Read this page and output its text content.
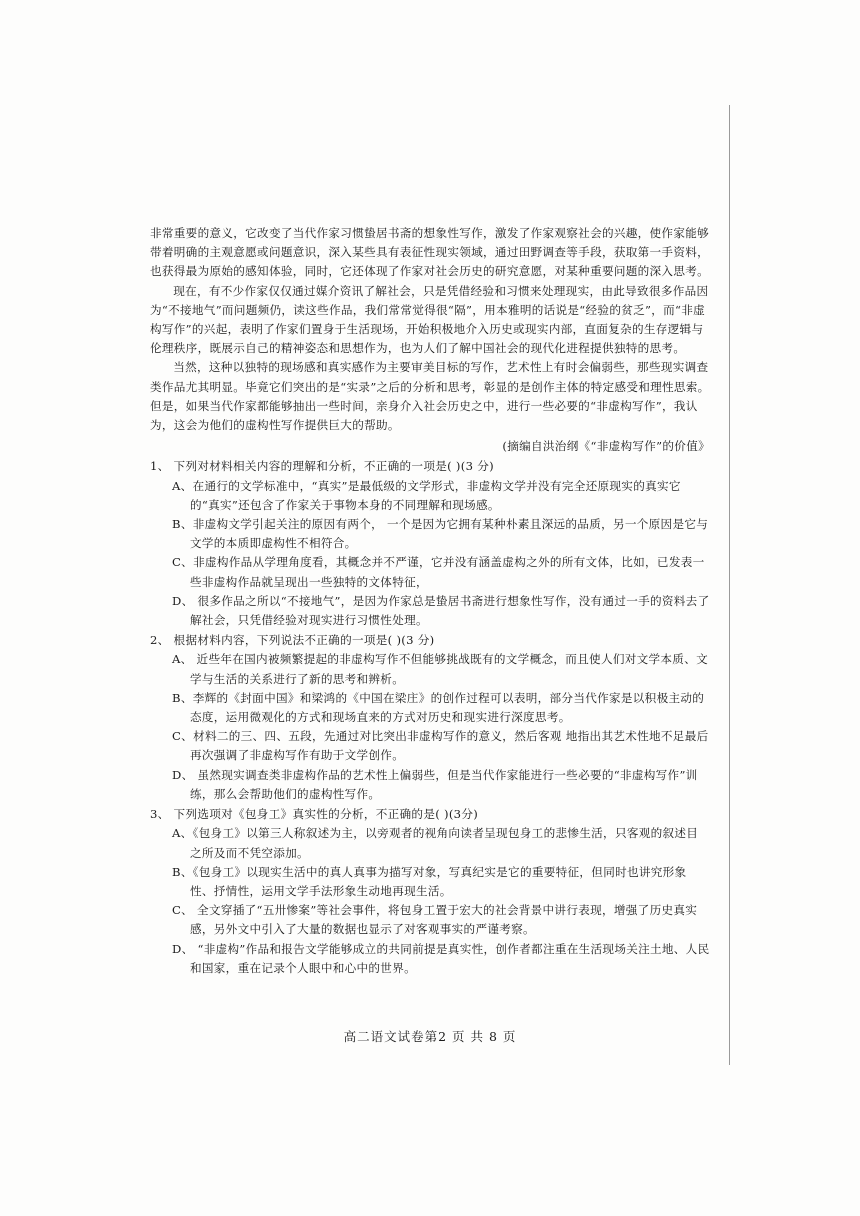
非常重要的意义，它改变了当代作家习惯蛰居书斋的想象性写作，激发了作家观察社会的兴趣，使作家能够带着明确的主观意愿或问题意识，深入某些具有表征性现实领域，通过田野调查等手段，获取第一手资料，也获得最为原始的感知体验，同时，它还体现了作家对社会历史的研究意愿，对某种重要问题的深入思考。

现在，有不少作家仅仅通过媒介资讯了解社会，只是凭借经验和习惯来处理现实，由此导致很多作品因为“不接地气”而问题频仍，读这些作品，我们常常觉得很“隔”，用本雅明的话说是“经验的贫乏”，而“非虚构写作”的兴起，表明了作家们置身于生活现场，开始积极地介入历史或现实内部，直面复杂的生存逻辑与伦理秩序，既展示自己的精神姿态和思想作为，也为人们了解中国社会的现代化进程提供独特的思考。

当然，这种以独特的现场感和真实感作为主要审美目标的写作，艺术性上有时会偏弱些，那些现实调查类作品尤其明显。毕竟它们突出的是“实录”之后的分析和思考，彰显的是创作主体的特定感受和理性思索。但是，如果当代作家都能够抽出一些时间，亲身介入社会历史之中，进行一些必要的“非虚构写作”，我认为，这会为他们的虚构性写作提供巨大的帮助。

(摘编自洪治纲《“非虚构写作”的价值》

1、 下列对材料相关内容的理解和分析，不正确的一项是( )(3 分)

A、在通行的文学标准中，“真实”是最低级的文学形式，非虚构文学并没有完全还原现实的真实它的“真实”还包含了作家关于事物本身的不同理解和现场感。

B、非虚构文学引起关注的原因有两个， 一个是因为它拥有某种朴素且深远的品质，另一个原因是它与文学的本质即虚构性不相符合。

C、非虚构作品从学理角度看，其概念并不严谨，它并没有涵盖虚构之外的所有文体，比如，已发表一些非虚构作品就呈现出一些独特的文体特征，

D、 很多作品之所以“不接地气”，是因为作家总是蛰居书斋进行想象性写作，没有通过一手的资料去了解社会，只凭借经验对现实进行习惯性处理。

2、 根据材料内容，下列说法不正确的一项是( )(3 分)

A、 近些年在国内被频繁提起的非虚构写作不但能够挑战既有的文学概念，而且使人们对文学本质、文学与生活的关系进行了新的思考和辨析。

B、李辉的《封面中国》和梁鸿的《中国在梁庄》的创作过程可以表明，部分当代作家是以积极主动的态度，运用微观化的方式和现场直来的方式对历史和现实进行深度思考。

C、材料二的三、四、五段，先通过对比突出非虚构写作的意义，然后客观 地指出其艺术性地不足最后再次强调了非虚构写作有助于文学创作。

D、 虽然现实调查类非虚构作品的艺术性上偏弱些，但是当代作家能进行一些必要的“非虚构写作”训练，那么会帮助他们的虚构性写作。

3、 下列选项对《包身工》真实性的分析，不正确的是( )(3分)

A、《包身工》以第三人称叙述为主，以旁观者的视角向读者呈现包身工的悲惨生活，只客观的叙述目之所及而不凭空添加。

B、《包身工》以现实生活中的真人真事为描写对象，写真纪实是它的重要特征，但同时也讲究形象性、抒情性，运用文学手法形象生动地再现生活。

C、 全文穿插了“五卅惨案”等社会事件，将包身工置于宏大的社会背景中讲行表现，增强了历史真实感，另外文中引入了大量的数据也显示了对客观事实的严谨考察。

D、 “非虚构”作品和报告文学能够成立的共同前提是真实性，创作者都注重在生活现场关注土地、人民和国家，重在记录个人眼中和心中的世界。

高二语文试卷第2 页 共 8 页
